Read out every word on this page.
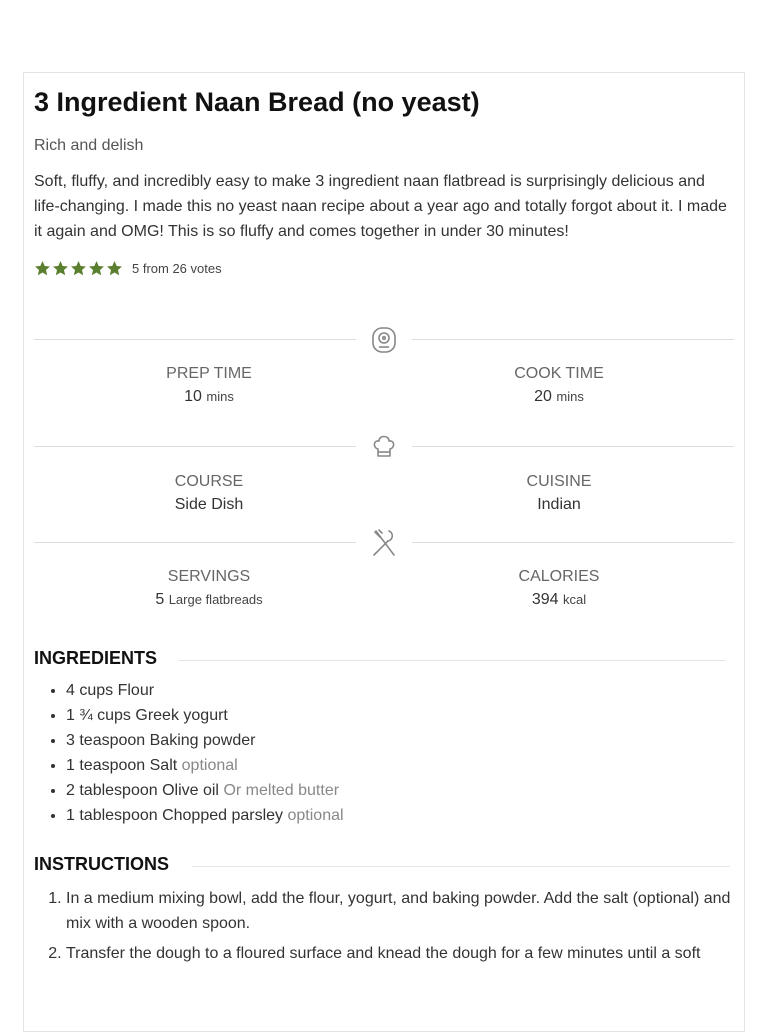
3 Ingredient Naan Bread (no yeast)
Rich and delish
Soft, fluffy, and incredibly easy to make 3 ingredient naan flatbread is surprisingly delicious and life-changing. I made this no yeast naan recipe about a year ago and totally forgot about it. I made it again and OMG! This is so fluffy and comes together in under 30 minutes!
5 from 26 votes
PREP TIME
10 mins
COOK TIME
20 mins
COURSE
Side Dish
CUISINE
Indian
SERVINGS
5 Large flatbreads
CALORIES
394 kcal
INGREDIENTS
• 4 cups Flour
• 1 ¾ cups Greek yogurt
• 3 teaspoon Baking powder
• 1 teaspoon Salt optional
• 2 tablespoon Olive oil Or melted butter
• 1 tablespoon Chopped parsley optional
INSTRUCTIONS
1. In a medium mixing bowl, add the flour, yogurt, and baking powder. Add the salt (optional) and mix with a wooden spoon.
2. Transfer the dough to a floured surface and knead the dough for a few minutes until a soft
